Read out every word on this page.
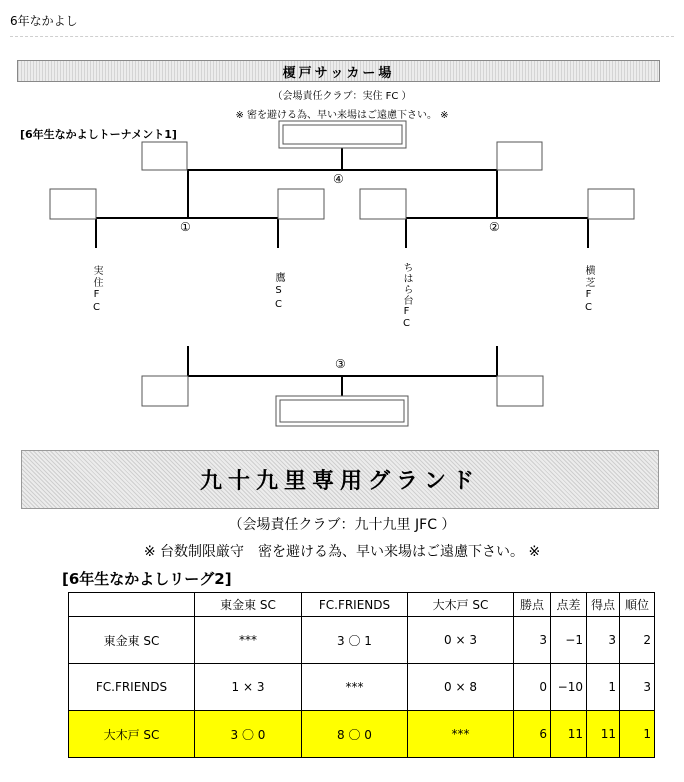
6年なかよし
榎戸サッカー場
（会場責任クラブ：実住 FC ）
※ 密を避ける為、早い来場はご遠慮下さい。 ※
[6年生なかよしトーナメント1]
④
①	②
③
実住FC	鷹SC	ちはら台FC	横芝FC
九十九里専用グランド
（会場責任クラブ：九十九里 JFC ）
※ 台数制限厳守　密を避ける為、早い来場はご遠慮下さい。 ※
[6年生なかよしリーグ2]
	東金東 SC	FC.FRIENDS	大木戸 SC	勝点	点差	得点	順位
東金東 SC	***	3 〇 1	0 × 3	3	−1	3	2
FC.FRIENDS	1 × 3	***	0 × 8	0	−10	1	3
大木戸 SC	3 〇 0	8 〇 0	***	6	11	11	1
